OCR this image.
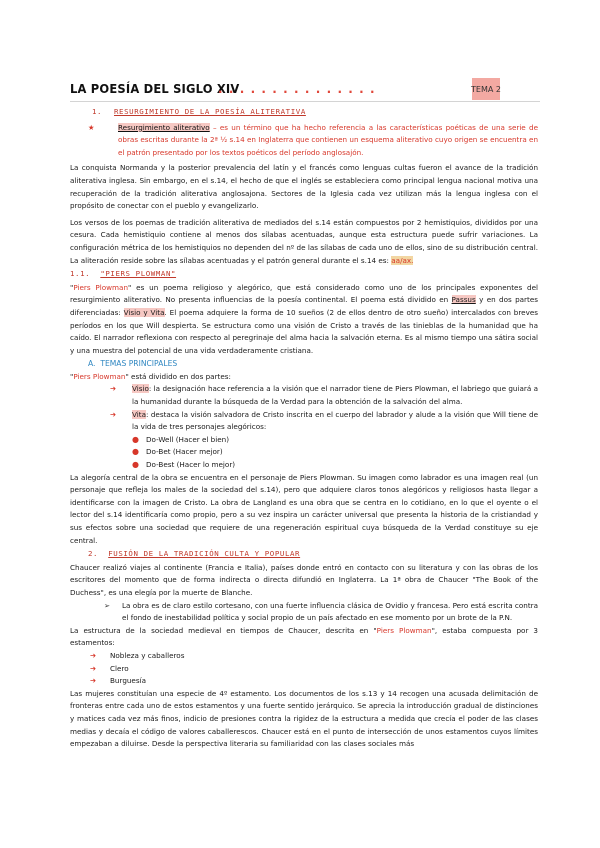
LA POESÍA DEL SIGLO XIV
...............	TEMA 2

1. RESURGIMIENTO DE LA POESÍA ALITERATIVA

★	Resurgimiento aliterativo – es un término que ha hecho referencia a las características poéticas de una serie de obras escritas durante la 2ª ½ s.14 en Inglaterra que contienen un esquema aliterativo cuyo origen se encuentra en el patrón presentado por los textos poéticos del período anglosajón.

La conquista Normanda y la posterior prevalencia del latín y el francés como lenguas cultas fueron el avance de la tradición aliterativa inglesa. Sin embargo, en el s.14, el hecho de que el inglés se estableciera como principal lengua nacional motiva una recuperación de la tradición aliterativa anglosajona. Sectores de la Iglesia cada vez utilizan más la lengua inglesa con el propósito de conectar con el pueblo y evangelizarlo.

Los versos de los poemas de tradición aliterativa de mediados del s.14 están compuestos por 2 hemistiquios, divididos por una cesura. Cada hemistiquio contiene al menos dos sílabas acentuadas, aunque esta estructura puede sufrir variaciones. La configuración métrica de los hemistiquios no dependen del nº de las sílabas de cada uno de ellos, sino de su distribución central. La aliteración reside sobre las sílabas acentuadas y el patrón general durante el s.14 es: aa/ax.

1.1. "PIERS PLOWMAN"

"Piers Plowman" es un poema religioso y alegórico, que está considerado como uno de los principales exponentes del resurgimiento aliterativo. No presenta influencias de la poesía continental. El poema está dividido en Passus y en dos partes diferenciadas: Visio y Vita. El poema adquiere la forma de 10 sueños (2 de ellos dentro de otro sueño) intercalados con breves períodos en los que Will despierta. Se estructura como una visión de Cristo a través de las tinieblas de la humanidad que ha caído. El narrador reflexiona con respecto al peregrinaje del alma hacia la salvación eterna. Es al mismo tiempo una sátira social y una muestra del potencial de una vida verdaderamente cristiana.

A. TEMAS PRINCIPALES

"Piers Plowman" está dividido en dos partes:

➔ Visio: la designación hace referencia a la visión que el narrador tiene de Piers Plowman, el labriego que guiará a la humanidad durante la búsqueda de la Verdad para la obtención de la salvación del alma.

➔ Vita: destaca la visión salvadora de Cristo inscrita en el cuerpo del labrador y alude a la visión que Will tiene de la vida de tres personajes alegóricos:

● Do-Well (Hacer el bien)

● Do-Bet (Hacer mejor)

● Do-Best (Hacer lo mejor)

La alegoría central de la obra se encuentra en el personaje de Piers Plowman. Su imagen como labrador es una imagen real (un personaje que refleja los males de la sociedad del s.14), pero que adquiere claros tonos alegóricos y religiosos hasta llegar a identificarse con la imagen de Cristo. La obra de Langland es una obra que se centra en lo cotidiano, en lo que el oyente o el lector del s.14 identificaría como propio, pero a su vez inspira un carácter universal que presenta la historia de la cristiandad y sus efectos sobre una sociedad que requiere de una regeneración espiritual cuya búsqueda de la Verdad constituye su eje central.

2. FUSIÓN DE LA TRADICIÓN CULTA Y POPULAR

Chaucer realizó viajes al continente (Francia e Italia), países donde entró en contacto con su literatura y con las obras de los escritores del momento que de forma indirecta o directa difundió en Inglaterra. La 1ª obra de Chaucer "The Book of the Duchess", es una elegía por la muerte de Blanche.

➢ La obra es de claro estilo cortesano, con una fuerte influencia clásica de Ovidio y francesa. Pero está escrita contra el fondo de inestabilidad política y social propio de un país afectado en ese momento por un brote de la P.N.

La estructura de la sociedad medieval en tiempos de Chaucer, descrita en "Piers Plowman", estaba compuesta por 3 estamentos:

➔ Nobleza y caballeros

➔ Clero

➔ Burguesía

Las mujeres constituían una especie de 4º estamento. Los documentos de los s.13 y 14 recogen una acusada delimitación de fronteras entre cada uno de estos estamentos y una fuerte sentido jerárquico. Se aprecia la introducción gradual de distinciones y matices cada vez más finos, indicio de presiones contra la rigidez de la estructura a medida que crecía el poder de las clases medias y decaía el código de valores caballerescos. Chaucer está en el punto de intersección de unos estamentos cuyos límites empezaban a diluirse. Desde la perspectiva literaria su familiaridad con las clases sociales más
